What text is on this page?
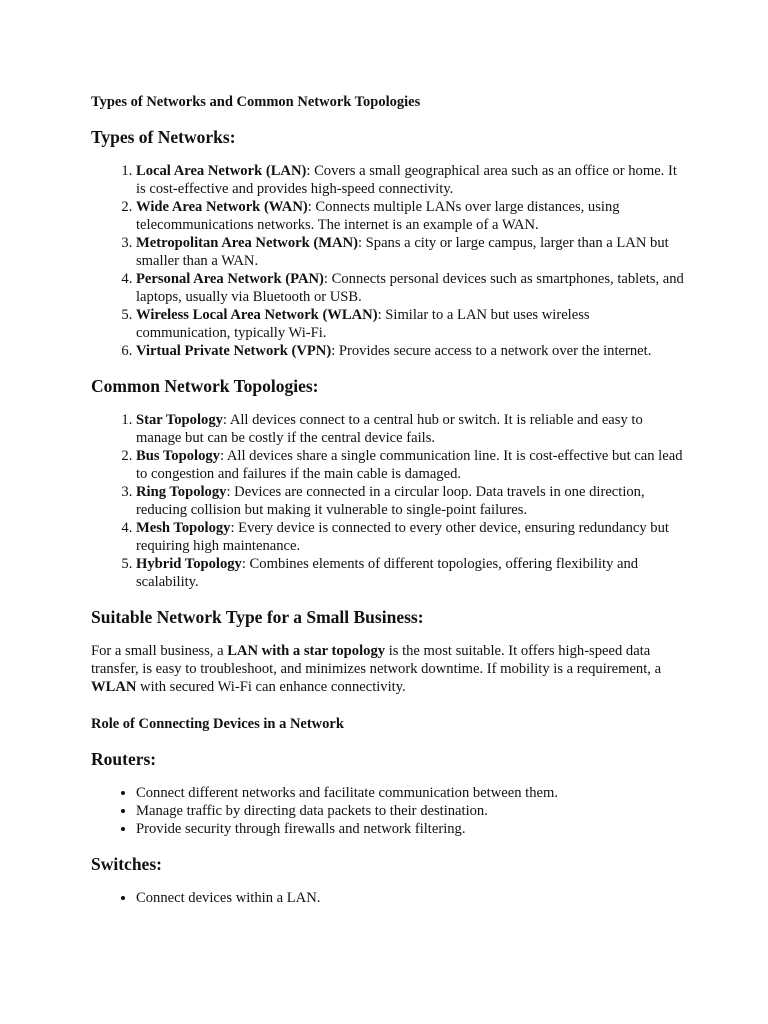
Types of Networks and Common Network Topologies
Types of Networks:
1. Local Area Network (LAN): Covers a small geographical area such as an office or home. It is cost-effective and provides high-speed connectivity.
2. Wide Area Network (WAN): Connects multiple LANs over large distances, using telecommunications networks. The internet is an example of a WAN.
3. Metropolitan Area Network (MAN): Spans a city or large campus, larger than a LAN but smaller than a WAN.
4. Personal Area Network (PAN): Connects personal devices such as smartphones, tablets, and laptops, usually via Bluetooth or USB.
5. Wireless Local Area Network (WLAN): Similar to a LAN but uses wireless communication, typically Wi-Fi.
6. Virtual Private Network (VPN): Provides secure access to a network over the internet.
Common Network Topologies:
1. Star Topology: All devices connect to a central hub or switch. It is reliable and easy to manage but can be costly if the central device fails.
2. Bus Topology: All devices share a single communication line. It is cost-effective but can lead to congestion and failures if the main cable is damaged.
3. Ring Topology: Devices are connected in a circular loop. Data travels in one direction, reducing collision but making it vulnerable to single-point failures.
4. Mesh Topology: Every device is connected to every other device, ensuring redundancy but requiring high maintenance.
5. Hybrid Topology: Combines elements of different topologies, offering flexibility and scalability.
Suitable Network Type for a Small Business:

For a small business, a LAN with a star topology is the most suitable. It offers high-speed data transfer, is easy to troubleshoot, and minimizes network downtime. If mobility is a requirement, a WLAN with secured Wi-Fi can enhance connectivity.

Role of Connecting Devices in a Network
Routers:
• Connect different networks and facilitate communication between them.
• Manage traffic by directing data packets to their destination.
• Provide security through firewalls and network filtering.
Switches:
• Connect devices within a LAN.
